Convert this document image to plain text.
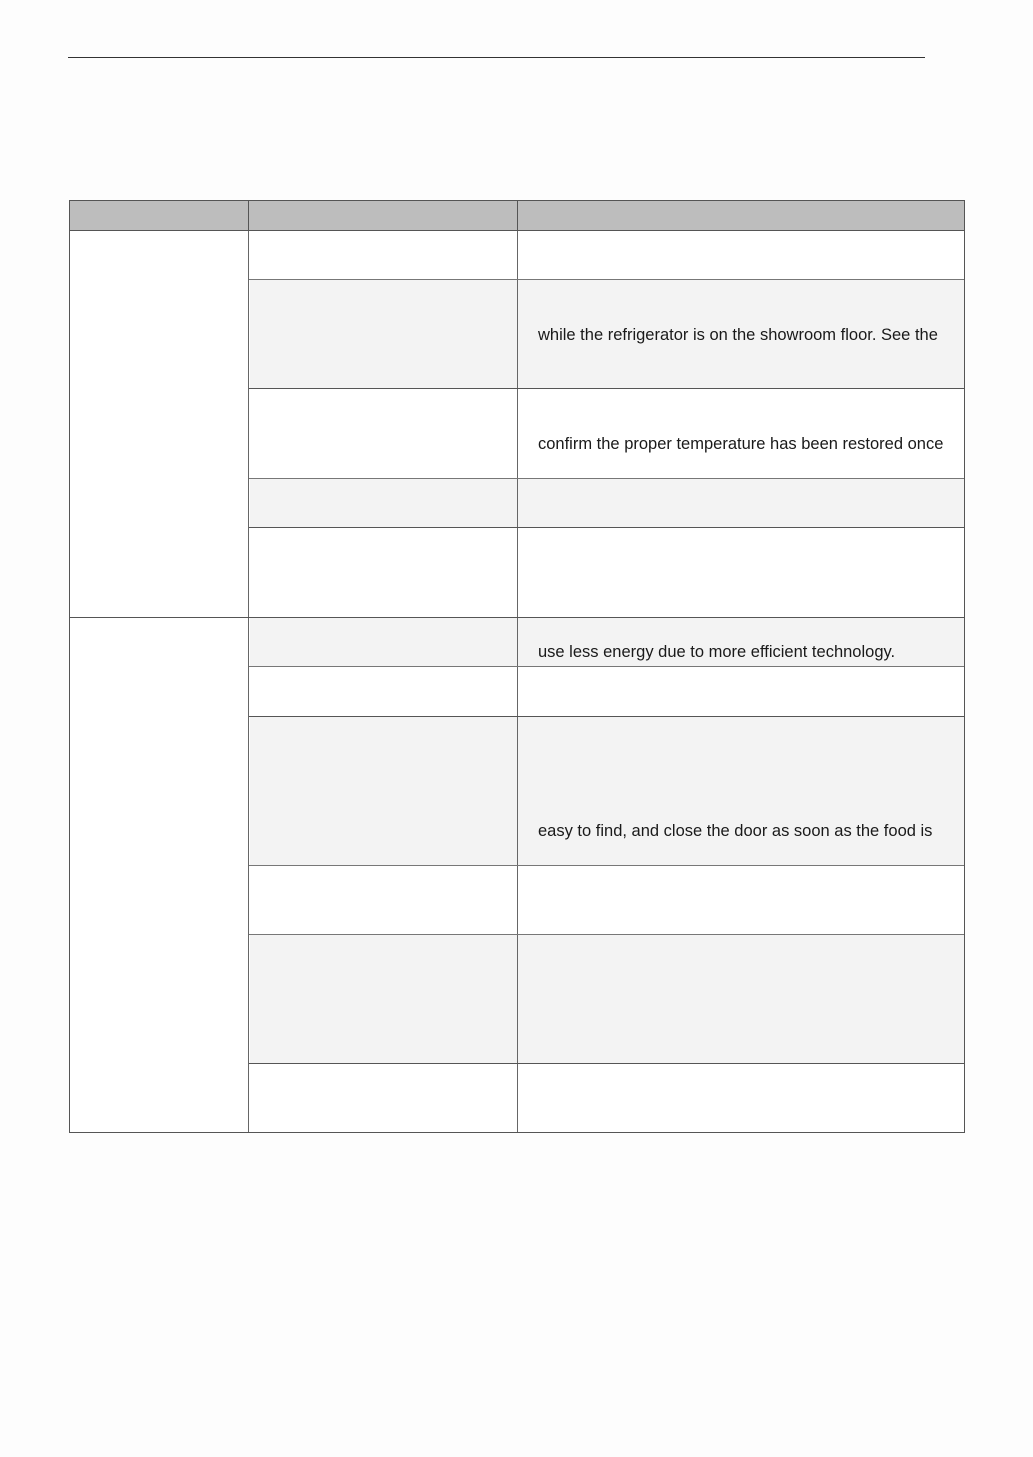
while the refrigerator is on the showroom floor. See the
confirm the proper temperature has been restored once
use less energy due to more efficient technology.
easy to find, and close the door as soon as the food is
